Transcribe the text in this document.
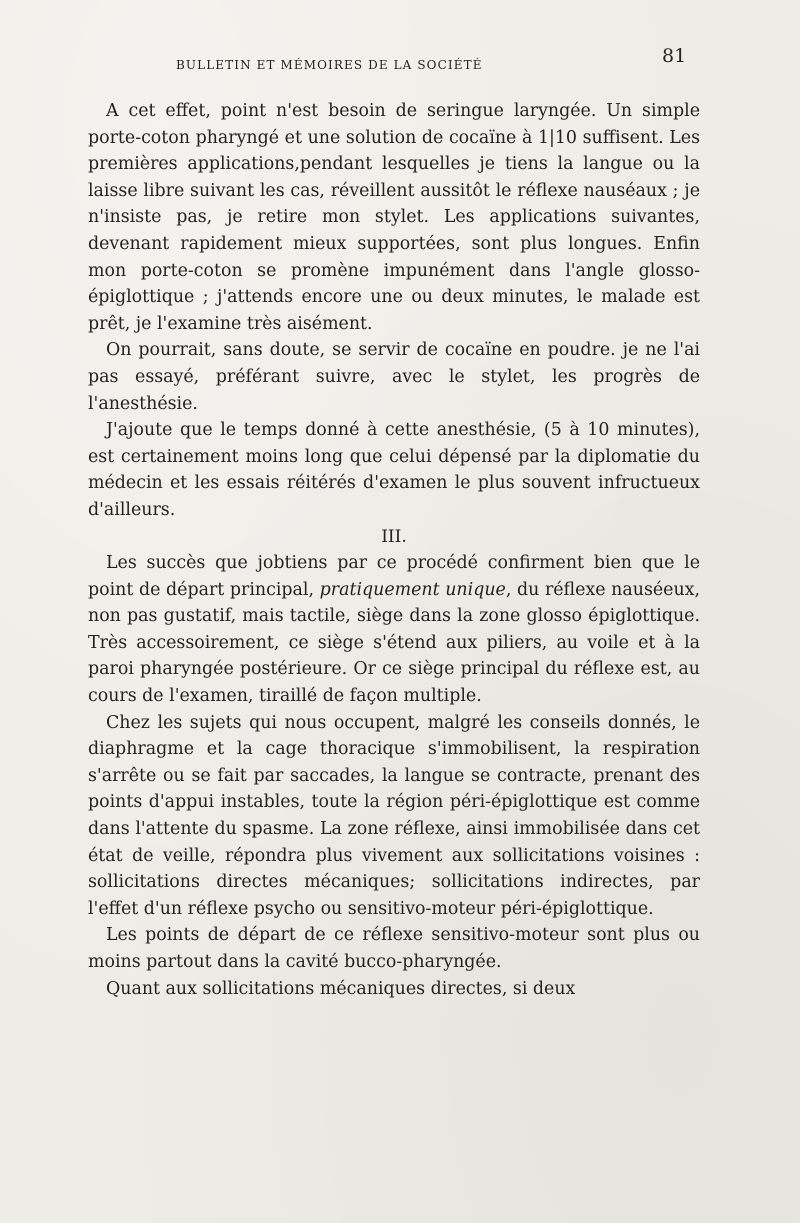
BULLETIN ET MÉMOIRES DE LA SOCIÉTÉ	81

A cet effet, point n'est besoin de seringue laryngée. Un simple porte-coton pharyngé et une solution de cocaïne à 1|10 suffisent. Les premières applications,pendant lesquelles je tiens la langue ou la laisse libre suivant les cas, réveillent aussitôt le réflexe nauséaux ; je n'insiste pas, je retire mon stylet. Les applications suivantes, devenant rapidement mieux supportées, sont plus longues. Enfin mon porte-coton se promène impunément dans l'angle glosso-épiglottique ; j'attends encore une ou deux minutes, le malade est prêt, je l'examine très aisément.

On pourrait, sans doute, se servir de cocaïne en poudre. je ne l'ai pas essayé, préférant suivre, avec le stylet, les progrès de l'anesthésie.

J'ajoute que le temps donné à cette anesthésie, (5 à 10 minutes), est certainement moins long que celui dépensé par la diplomatie du médecin et les essais réitérés d'examen le plus souvent infructueux d'ailleurs.

III.

Les succès que jobtiens par ce procédé confirment bien que le point de départ principal, pratiquement unique, du réflexe nauséeux, non pas gustatif, mais tactile, siège dans la zone glosso épiglottique. Très accessoirement, ce siège s'étend aux piliers, au voile et à la paroi pharyngée postérieure. Or ce siège principal du réflexe est, au cours de l'examen, tiraillé de façon multiple.

Chez les sujets qui nous occupent, malgré les conseils donnés, le diaphragme et la cage thoracique s'immobilisent, la respiration s'arrête ou se fait par saccades, la langue se contracte, prenant des points d'appui instables, toute la région péri-épiglottique est comme dans l'attente du spasme. La zone réflexe, ainsi immobilisée dans cet état de veille, répondra plus vivement aux sollicitations voisines : sollicitations directes mécaniques; sollicitations indirectes, par l'effet d'un réflexe psycho ou sensitivo-moteur péri-épiglottique.

Les points de départ de ce réflexe sensitivo-moteur sont plus ou moins partout dans la cavité bucco-pharyngée.

Quant aux sollicitations mécaniques directes, si deux
